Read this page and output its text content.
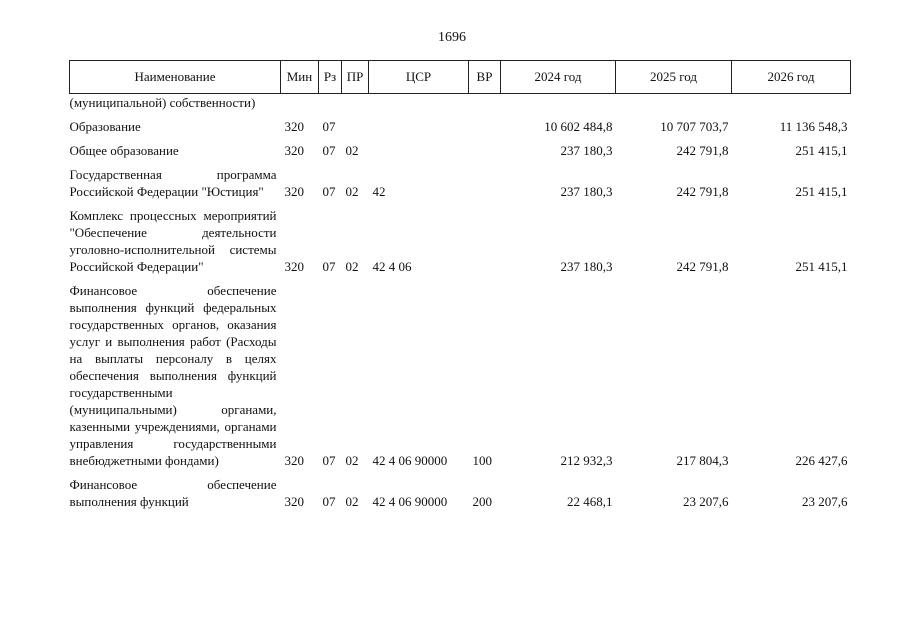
1696
Наименование	Мин	Рз	ПР	ЦСР	ВР	2024 год	2025 год	2026 год
(муниципальной) собственности)								

Образование	320	07				10 602 484,8	10 707 703,7	11 136 548,3

Общее образование	320	07	02			237 180,3	242 791,8	251 415,1

Государственная программа Российской Федерации "Юстиция"	320	07	02	42		237 180,3	242 791,8	251 415,1

Комплекс процессных мероприятий "Обеспечение деятельности уголовно-исполнительной системы Российской Федерации"	320	07	02	42 4 06		237 180,3	242 791,8	251 415,1

Финансовое обеспечение выполнения функций федеральных государственных органов, оказания услуг и выполнения работ (Расходы на выплаты персоналу в целях обеспечения выполнения функций государственными (муниципальными) органами, казенными учреждениями, органами управления государственными внебюджетными фондами)	320	07	02	42 4 06 90000	100	212 932,3	217 804,3	226 427,6

Финансовое обеспечение выполнения функций	320	07	02	42 4 06 90000	200	22 468,1	23 207,6	23 207,6
